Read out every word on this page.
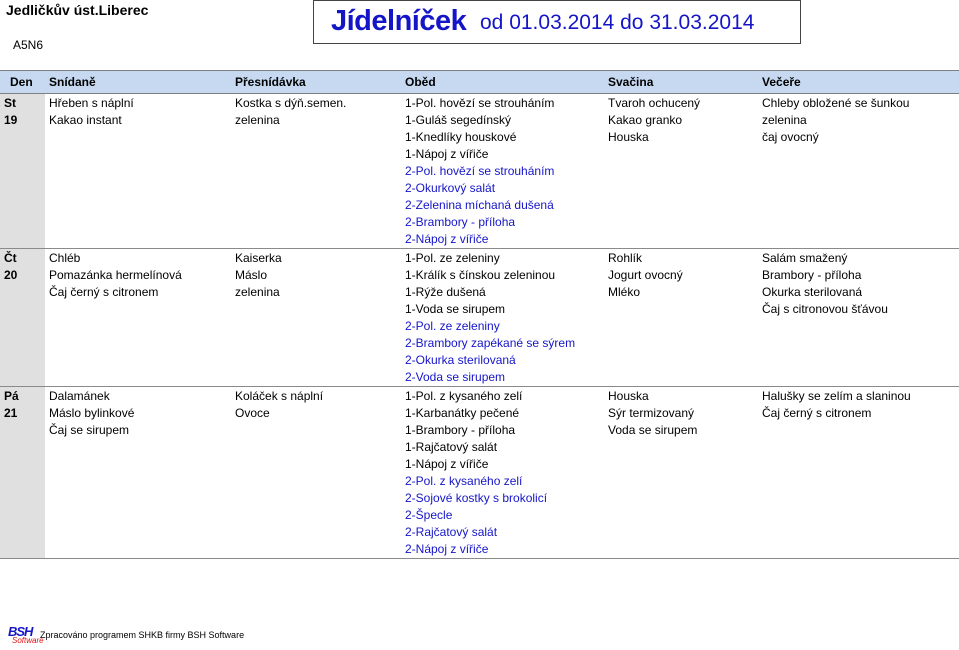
Jedličkův úst.Liberec
A5N6
Jídelníček od 01.03.2014 do 31.03.2014
Den	Snídaně	Přesnídávka	Oběd	Svačina	Večeře
St	Hřeben s náplní	Kostka s dýň.semen.	1-Pol. hovězí se strouháním	Tvaroh ochucený	Chleby obložené se šunkou
19	Kakao instant	zelenina	1-Guláš segedínský	Kakao granko	zelenina
			1-Knedlíky houskové	Houska	čaj ovocný
			1-Nápoj z vířiče		
			2-Pol. hovězí se strouháním		
			2-Okurkový salát		
			2-Zelenina míchaná dušená		
			2-Brambory - příloha		
			2-Nápoj z vířiče		
Čt	Chléb	Kaiserka	1-Pol. ze zeleniny	Rohlík	Salám smažený
20	Pomazánka hermelínová	Máslo	1-Králík s čínskou zeleninou	Jogurt ovocný	Brambory - příloha
	Čaj černý s citronem	zelenina	1-Rýže dušená	Mléko	Okurka sterilovaná
			1-Voda se sirupem		Čaj s citronovou šťávou
			2-Pol. ze zeleniny		
			2-Brambory zapékané se sýrem		
			2-Okurka sterilovaná		
			2-Voda se sirupem		
Pá	Dalamánek	Koláček s náplní	1-Pol. z kysaného zelí	Houska	Halušky se zelím a slaninou
21	Máslo bylinkové	Ovoce	1-Karbanátky pečené	Sýr termizovaný	Čaj černý s citronem
	Čaj se sirupem		1-Brambory - příloha	Voda se sirupem	
			1-Rajčatový salát		
			1-Nápoj z vířiče		
			2-Pol. z kysaného zelí		
			2-Sojové kostky s brokolicí		
			2-Špecle		
			2-Rajčatový salát		
			2-Nápoj z vířiče		
BSH
Software
Zpracováno programem SHKB firmy BSH Software
